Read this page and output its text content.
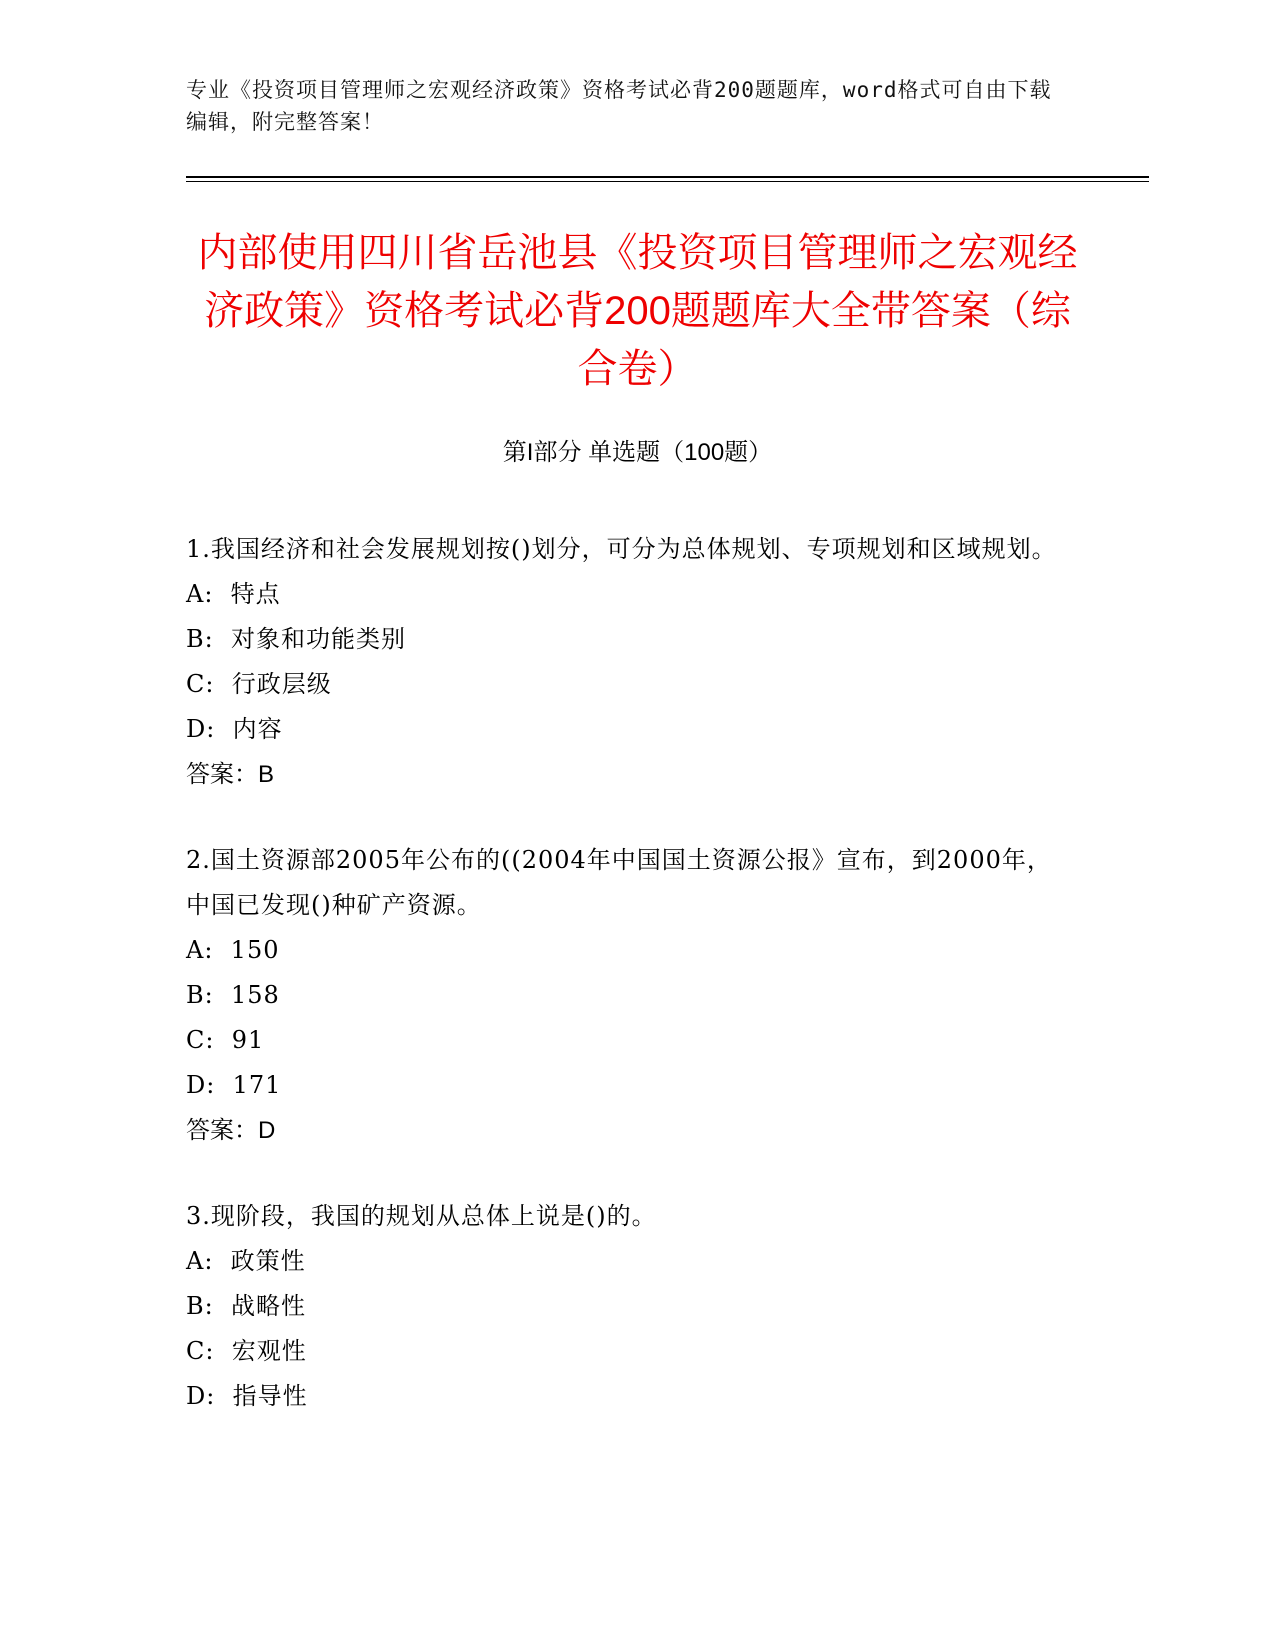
专业《投资项目管理师之宏观经济政策》资格考试必背200题题库，word格式可自由下载编辑，附完整答案！
内部使用四川省岳池县《投资项目管理师之宏观经济政策》资格考试必背200题题库大全带答案（综合卷）
第I部分 单选题（100题）

1.我国经济和社会发展规划按()划分，可分为总体规划、专项规划和区域规划。

A:  特点

B:  对象和功能类别

C:  行政层级

D:  内容

答案：B

2.国土资源部2005年公布的((2004年中国国土资源公报》宣布，到2000年，中国已发现()种矿产资源。

A:  150

B:  158

C:  91

D:  171

答案：D

3.现阶段，我国的规划从总体上说是()的。

A:  政策性

B:  战略性

C:  宏观性

D:  指导性
